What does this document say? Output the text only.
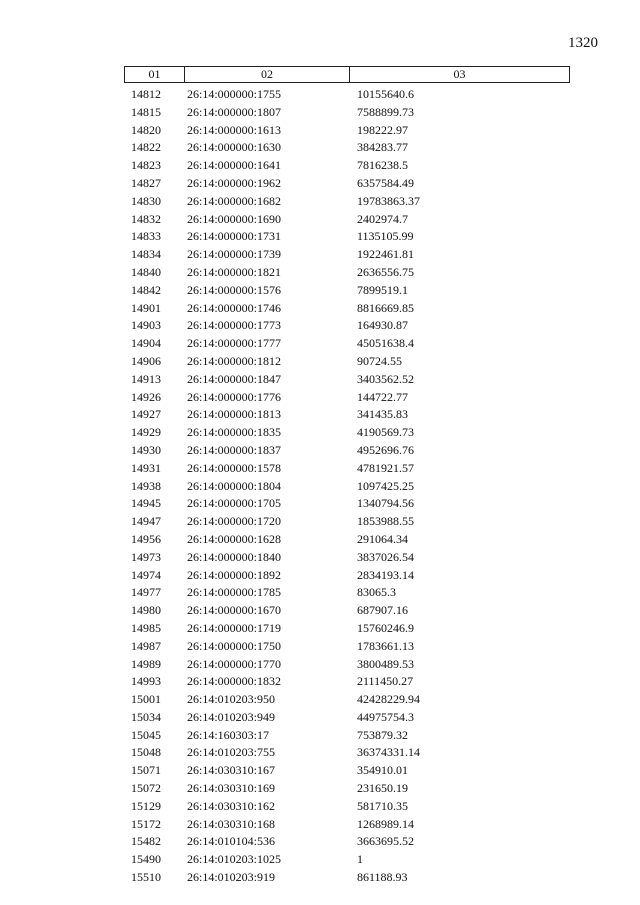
1320
01	02	03
14812 26:14:000000:1755	10155640.6
14815 26:14:000000:1807	7588899.73
14820 26:14:000000:1613	198222.97
14822 26:14:000000:1630	384283.77
14823 26:14:000000:1641	7816238.5
14827 26:14:000000:1962	6357584.49
14830 26:14:000000:1682	19783863.37
14832 26:14:000000:1690	2402974.7
14833 26:14:000000:1731	1135105.99
14834 26:14:000000:1739	1922461.81
14840 26:14:000000:1821	2636556.75
14842 26:14:000000:1576	7899519.1
14901 26:14:000000:1746	8816669.85
14903 26:14:000000:1773	164930.87
14904 26:14:000000:1777	45051638.4
14906 26:14:000000:1812	90724.55
14913 26:14:000000:1847	3403562.52
14926 26:14:000000:1776	144722.77
14927 26:14:000000:1813	341435.83
14929 26:14:000000:1835	4190569.73
14930 26:14:000000:1837	4952696.76
14931 26:14:000000:1578	4781921.57
14938 26:14:000000:1804	1097425.25
14945 26:14:000000:1705	1340794.56
14947 26:14:000000:1720	1853988.55
14956 26:14:000000:1628	291064.34
14973 26:14:000000:1840	3837026.54
14974 26:14:000000:1892	2834193.14
14977 26:14:000000:1785	83065.3
14980 26:14:000000:1670	687907.16
14985 26:14:000000:1719	15760246.9
14987 26:14:000000:1750	1783661.13
14989 26:14:000000:1770	3800489.53
14993 26:14:000000:1832	2111450.27
15001 26:14:010203:950	42428229.94
15034 26:14:010203:949	44975754.3
15045 26:14:160303:17	753879.32
15048 26:14:010203:755	36374331.14
15071 26:14:030310:167	354910.01
15072 26:14:030310:169	231650.19
15129 26:14:030310:162	581710.35
15172 26:14:030310:168	1268989.14
15482 26:14:010104:536	3663695.52
15490 26:14:010203:1025	1
15510 26:14:010203:919	861188.93
